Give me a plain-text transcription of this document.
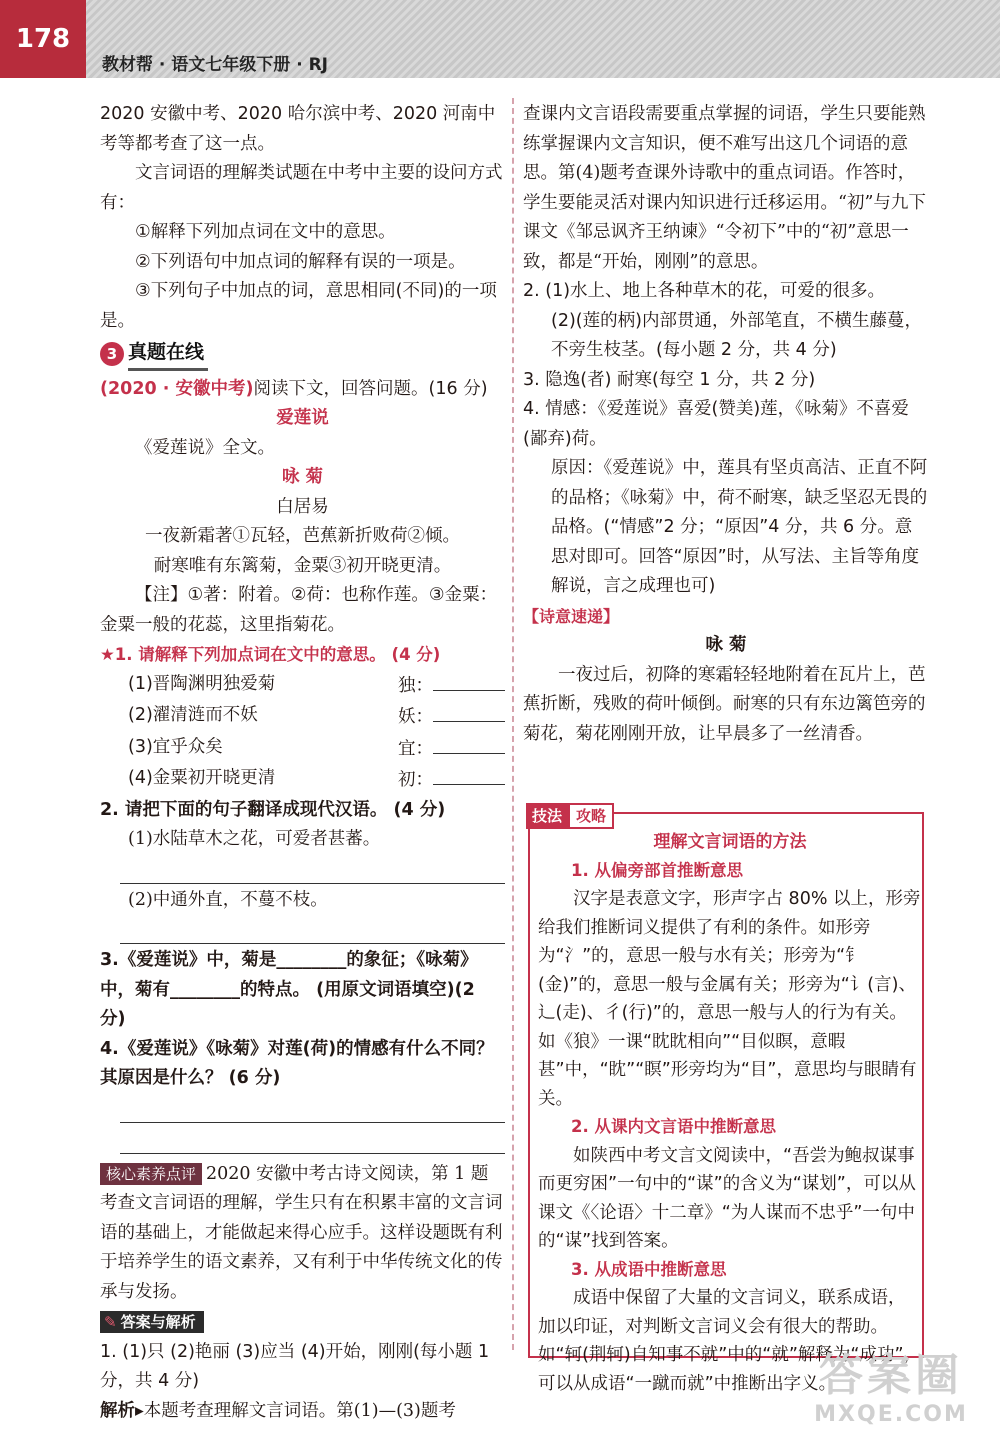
178
教材帮 · 语文七年级下册 · RJ

2020 安徽中考、2020 哈尔滨中考、2020 河南中考等都考查了这一点。

文言词语的理解类试题在中考中主要的设问方式有：

①解释下列加点词在文中的意思。

②下列语句中加点词的解释有误的一项是。

③下列句子中加点的词，意思相同(不同)的一项是。

3 真题在线

(2020 · 安徽中考)阅读下文，回答问题。(16 分)

爱莲说

《爱莲说》全文。

咏 菊

白居易

一夜新霜著①瓦轻，芭蕉新折败荷②倾。

耐寒唯有东篱菊，金粟③初开晓更清。

【注】①著：附着。②荷：也称作莲。③金粟：金粟一般的花蕊，这里指菊花。

★1. 请解释下列加点词在文中的意思。 (4 分)

(1)晋陶渊明独爱菊	独：
(2)濯清涟而不妖	妖：
(3)宜乎众矣	宜：
(4)金粟初开晓更清	初：

2. 请把下面的句子翻译成现代汉语。 (4 分)

(1)水陆草木之花，可爱者甚蕃。

(2)中通外直，不蔓不枝。

3.《爱莲说》中，菊是________的象征；《咏菊》中，菊有________的特点。 (用原文词语填空)(2 分)

4.《爱莲说》《咏菊》对莲(荷)的情感有什么不同？ 其原因是什么？ (6 分)

核心素养点评 2020 安徽中考古诗文阅读，第 1 题考查文言词语的理解，学生只有在积累丰富的文言词语的基础上，才能做起来得心应手。这样设题既有利于培养学生的语文素养，又有利于中华传统文化的传承与发扬。

✎ 答案与解析

1. (1)只 (2)艳丽 (3)应当 (4)开始，刚刚(每小题 1 分，共 4 分)

解析▸本题考查理解文言词语。第(1)—(3)题考

查课内文言语段需要重点掌握的词语，学生只要能熟练掌握课内文言知识，便不难写出这几个词语的意思。第(4)题考查课外诗歌中的重点词语。作答时，学生要能灵活对课内知识进行迁移运用。“初”与九下课文《邹忌讽齐王纳谏》“令初下”中的“初”意思一致，都是“开始，刚刚”的意思。

2. (1)水上、地上各种草木的花，可爱的很多。

(2)(莲的柄)内部贯通，外部笔直，不横生藤蔓，不旁生枝茎。(每小题 2 分，共 4 分)

3. 隐逸(者) 耐寒(每空 1 分，共 2 分)

4. 情感：《爱莲说》喜爱(赞美)莲，《咏菊》不喜爱(鄙弃)荷。

原因：《爱莲说》中，莲具有坚贞高洁、正直不阿的品格；《咏菊》中，荷不耐寒，缺乏坚忍无畏的品格。(“情感”2 分；“原因”4 分，共 6 分。意思对即可。回答“原因”时，从写法、主旨等角度解说，言之成理也可)

【诗意速递】

咏 菊

一夜过后，初降的寒霜轻轻地附着在瓦片上，芭蕉折断，残败的荷叶倾倒。耐寒的只有东边篱笆旁的菊花，菊花刚刚开放，让早晨多了一丝清香。

技法 攻略

理解文言词语的方法

1. 从偏旁部首推断意思

汉字是表意文字，形声字占 80% 以上，形旁给我们推断词义提供了有利的条件。如形旁为“氵”的，意思一般与水有关；形旁为“钅(金)”的，意思一般与金属有关；形旁为“讠(言)、辶(走)、彳(行)”的，意思一般与人的行为有关。如《狼》一课“眈眈相向”“目似瞑，意暇甚”中，“眈”“瞑”形旁均为“目”，意思均与眼睛有关。

2. 从课内文言语中推断意思

如陕西中考文言文阅读中，“吾尝为鲍叔谋事而更穷困”一句中的“谋”的含义为“谋划”，可以从课文《〈论语〉十二章》“为人谋而不忠乎”一句中的“谋”找到答案。

3. 从成语中推断意思

成语中保留了大量的文言词义，联系成语，加以印证，对判断文言词义会有很大的帮助。如“轲(荆轲)自知事不就”中的“就”解释为“成功”，可以从成语“一蹴而就”中推断出字义。

答案圈
MXQE.COM
